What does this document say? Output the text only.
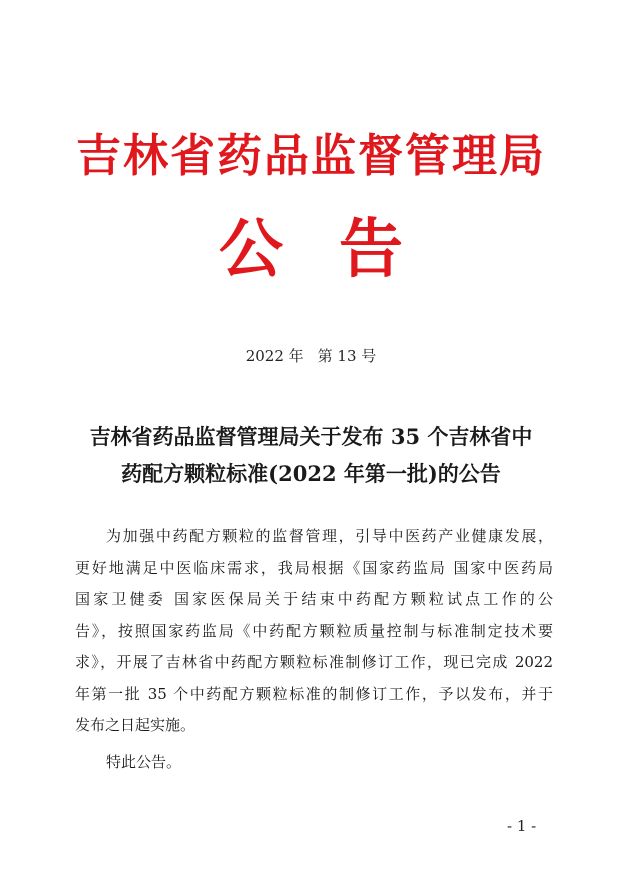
吉林省药品监督管理局
公 告
2022 年 第 13 号
吉林省药品监督管理局关于发布 35 个吉林省中
药配方颗粒标准(2022 年第一批)的公告
为加强中药配方颗粒的监督管理，引导中医药产业健康发展，
更好地满足中医临床需求，我局根据《国家药监局 国家中医药局
国家卫健委 国家医保局关于结束中药配方颗粒试点工作的公
告》，按照国家药监局《中药配方颗粒质量控制与标准制定技术要
求》，开展了吉林省中药配方颗粒标准制修订工作，现已完成 2022
年第一批 35 个中药配方颗粒标准的制修订工作，予以发布，并于
发布之日起实施。
特此公告。
- 1 -
